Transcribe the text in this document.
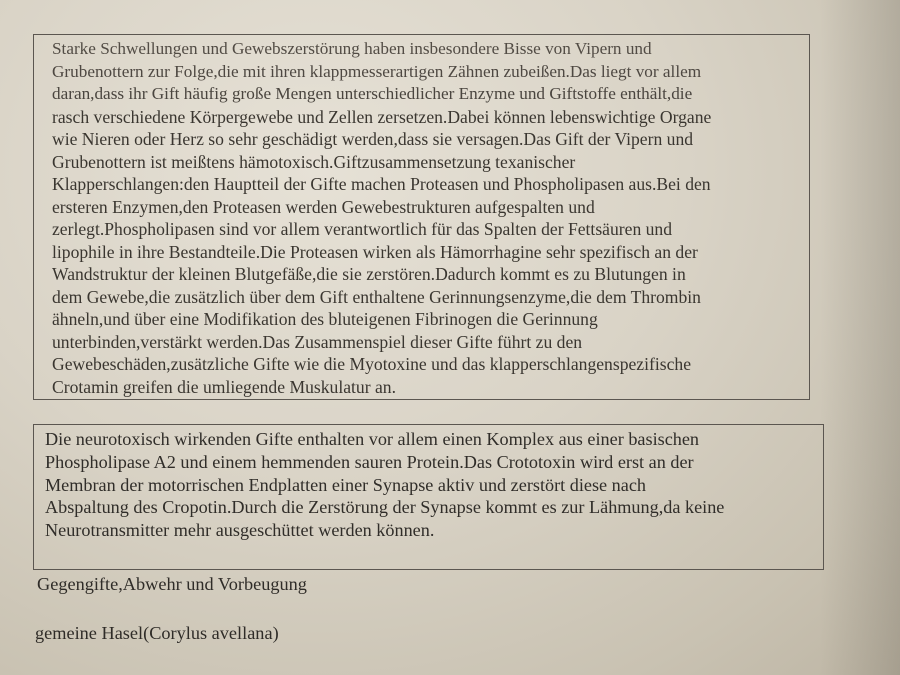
Starke Schwellungen und Gewebszerstörung haben insbesondere Bisse von Vipern und
Grubenottern zur Folge,die mit ihren klappmesserartigen Zähnen zubeißen.Das liegt vor allem
daran,dass ihr Gift häufig große Mengen unterschiedlicher Enzyme und Giftstoffe enthält,die
rasch verschiedene Körpergewebe und Zellen zersetzen.Dabei können lebenswichtige Organe
wie Nieren oder Herz so sehr geschädigt werden,dass sie versagen.Das Gift der Vipern und
Grubenottern ist meißtens hämotoxisch.Giftzusammensetzung texanischer
Klapperschlangen:den Hauptteil der Gifte machen Proteasen und Phospholipasen aus.Bei den
ersteren Enzymen,den Proteasen werden Gewebestrukturen aufgespalten und
zerlegt.Phospholipasen sind vor allem verantwortlich für das Spalten der Fettsäuren und
lipophile in ihre Bestandteile.Die Proteasen wirken als Hämorrhagine sehr spezifisch an der
Wandstruktur der kleinen Blutgefäße,die sie zerstören.Dadurch kommt es zu Blutungen in
dem Gewebe,die zusätzlich über dem Gift enthaltene Gerinnungsenzyme,die dem Thrombin
ähneln,und über eine Modifikation des bluteigenen Fibrinogen die Gerinnung
unterbinden,verstärkt werden.Das Zusammenspiel dieser Gifte führt zu den
Gewebeschäden,zusätzliche Gifte wie die Myotoxine und das klapperschlangenspezifische
Crotamin greifen die umliegende Muskulatur an.
Die neurotoxisch wirkenden Gifte enthalten vor allem einen Komplex aus einer basischen
Phospholipase A2 und einem hemmenden sauren Protein.Das Crototoxin wird erst an der
Membran der motorrischen Endplatten einer Synapse aktiv und zerstört diese nach
Abspaltung des Cropotin.Durch die Zerstörung der Synapse kommt es zur Lähmung,da keine
Neurotransmitter mehr ausgeschüttet werden können.
Gegengifte,Abwehr und Vorbeugung
gemeine Hasel(Corylus avellana)
